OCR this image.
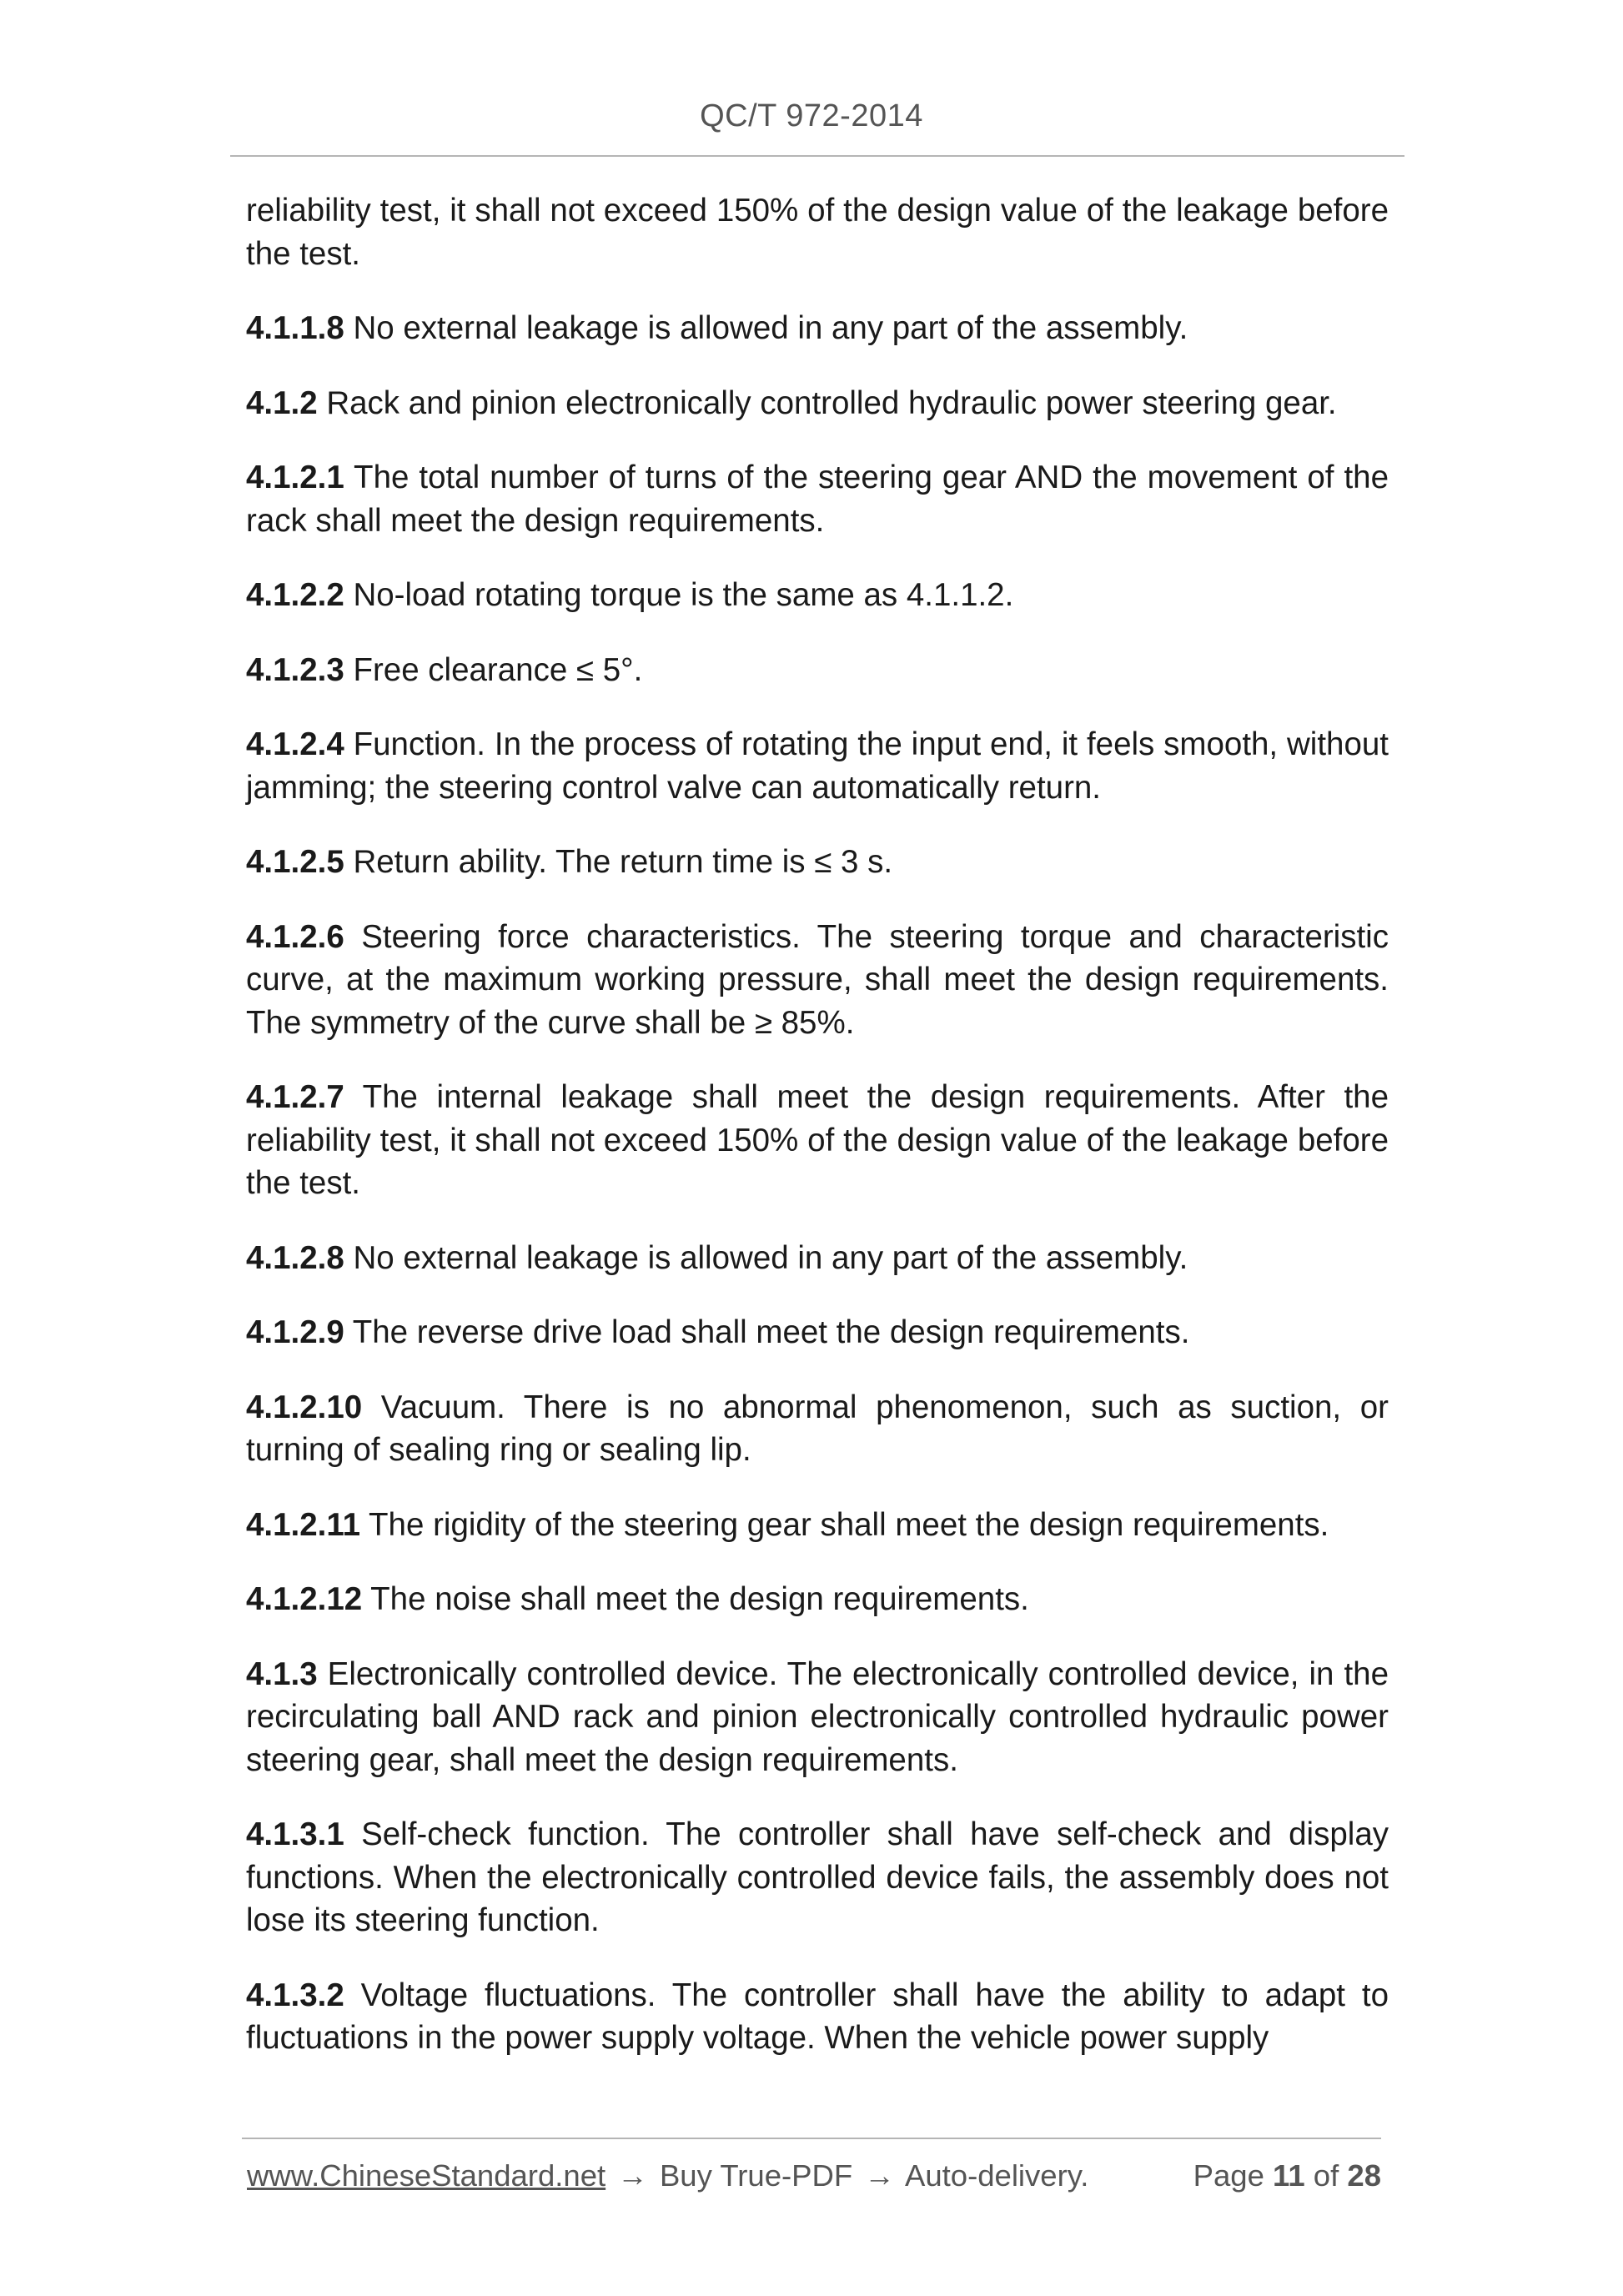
QC/T 972-2014

reliability test, it shall not exceed 150% of the design value of the leakage before the test.

4.1.1.8 No external leakage is allowed in any part of the assembly.

4.1.2 Rack and pinion electronically controlled hydraulic power steering gear.

4.1.2.1 The total number of turns of the steering gear AND the movement of the rack shall meet the design requirements.

4.1.2.2 No-load rotating torque is the same as 4.1.1.2.

4.1.2.3 Free clearance ≤ 5°.

4.1.2.4 Function. In the process of rotating the input end, it feels smooth, without jamming; the steering control valve can automatically return.

4.1.2.5 Return ability. The return time is ≤ 3 s.

4.1.2.6 Steering force characteristics. The steering torque and characteristic curve, at the maximum working pressure, shall meet the design requirements. The symmetry of the curve shall be ≥ 85%.

4.1.2.7 The internal leakage shall meet the design requirements. After the reliability test, it shall not exceed 150% of the design value of the leakage before the test.

4.1.2.8 No external leakage is allowed in any part of the assembly.

4.1.2.9 The reverse drive load shall meet the design requirements.

4.1.2.10 Vacuum. There is no abnormal phenomenon, such as suction, or turning of sealing ring or sealing lip.

4.1.2.11 The rigidity of the steering gear shall meet the design requirements.

4.1.2.12 The noise shall meet the design requirements.

4.1.3 Electronically controlled device. The electronically controlled device, in the recirculating ball AND rack and pinion electronically controlled hydraulic power steering gear, shall meet the design requirements.

4.1.3.1 Self-check function. The controller shall have self-check and display functions. When the electronically controlled device fails, the assembly does not lose its steering function.

4.1.3.2 Voltage fluctuations. The controller shall have the ability to adapt to fluctuations in the power supply voltage. When the vehicle power supply

www.ChineseStandard.net → Buy True-PDF → Auto-delivery.	Page 11 of 28
